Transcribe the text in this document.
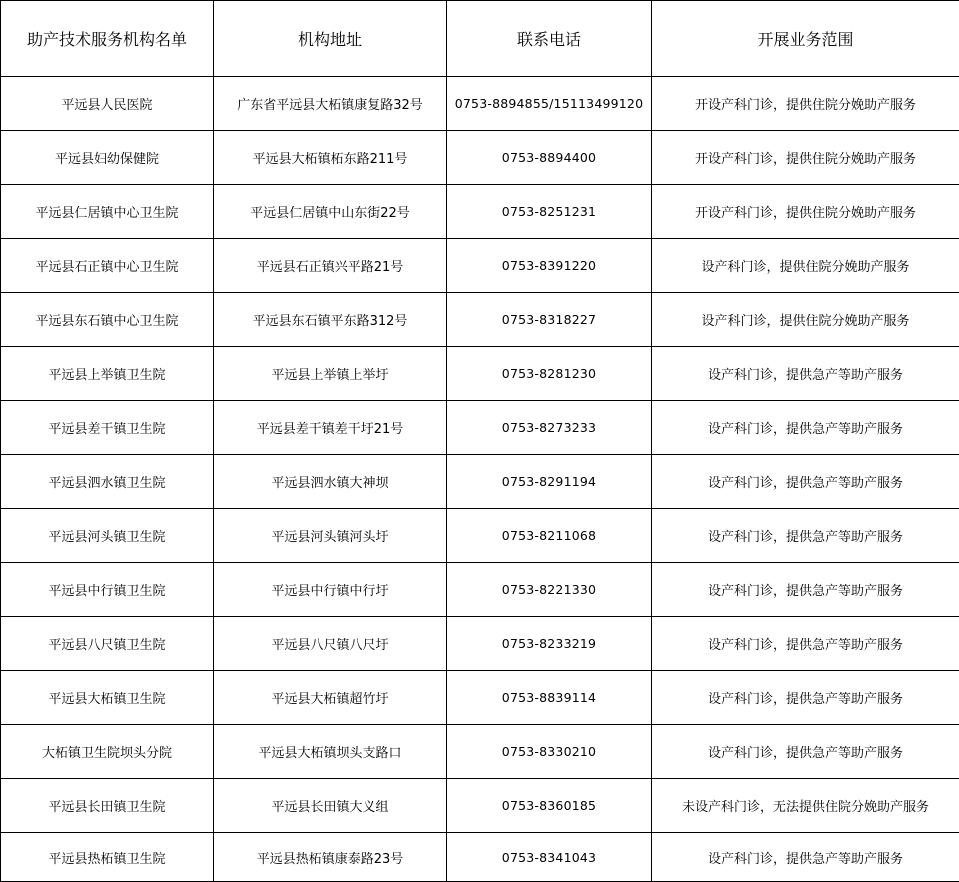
助产技术服务机构名单	机构地址	联系电话	开展业务范围
平远县人民医院	广东省平远县大柘镇康复路32号	0753-8894855/15113499120	开设产科门诊，提供住院分娩助产服务
平远县妇幼保健院	平远县大柘镇柘东路211号	0753-8894400	开设产科门诊，提供住院分娩助产服务
平远县仁居镇中心卫生院	平远县仁居镇中山东街22号	0753-8251231	开设产科门诊，提供住院分娩助产服务
平远县石正镇中心卫生院	平远县石正镇兴平路21号	0753-8391220	设产科门诊，提供住院分娩助产服务
平远县东石镇中心卫生院	平远县东石镇平东路312号	0753-8318227	设产科门诊，提供住院分娩助产服务
平远县上举镇卫生院	平远县上举镇上举圩	0753-8281230	设产科门诊，提供急产等助产服务
平远县差干镇卫生院	平远县差干镇差干圩21号	0753-8273233	设产科门诊，提供急产等助产服务
平远县泗水镇卫生院	平远县泗水镇大神坝	0753-8291194	设产科门诊，提供急产等助产服务
平远县河头镇卫生院	平远县河头镇河头圩	0753-8211068	设产科门诊，提供急产等助产服务
平远县中行镇卫生院	平远县中行镇中行圩	0753-8221330	设产科门诊，提供急产等助产服务
平远县八尺镇卫生院	平远县八尺镇八尺圩	0753-8233219	设产科门诊，提供急产等助产服务
平远县大柘镇卫生院	平远县大柘镇超竹圩	0753-8839114	设产科门诊，提供急产等助产服务
大柘镇卫生院坝头分院	平远县大柘镇坝头支路口	0753-8330210	设产科门诊，提供急产等助产服务
平远县长田镇卫生院	平远县长田镇大义组	0753-8360185	未设产科门诊，无法提供住院分娩助产服务
平远县热柘镇卫生院	平远县热柘镇康泰路23号	0753-8341043	设产科门诊，提供急产等助产服务
